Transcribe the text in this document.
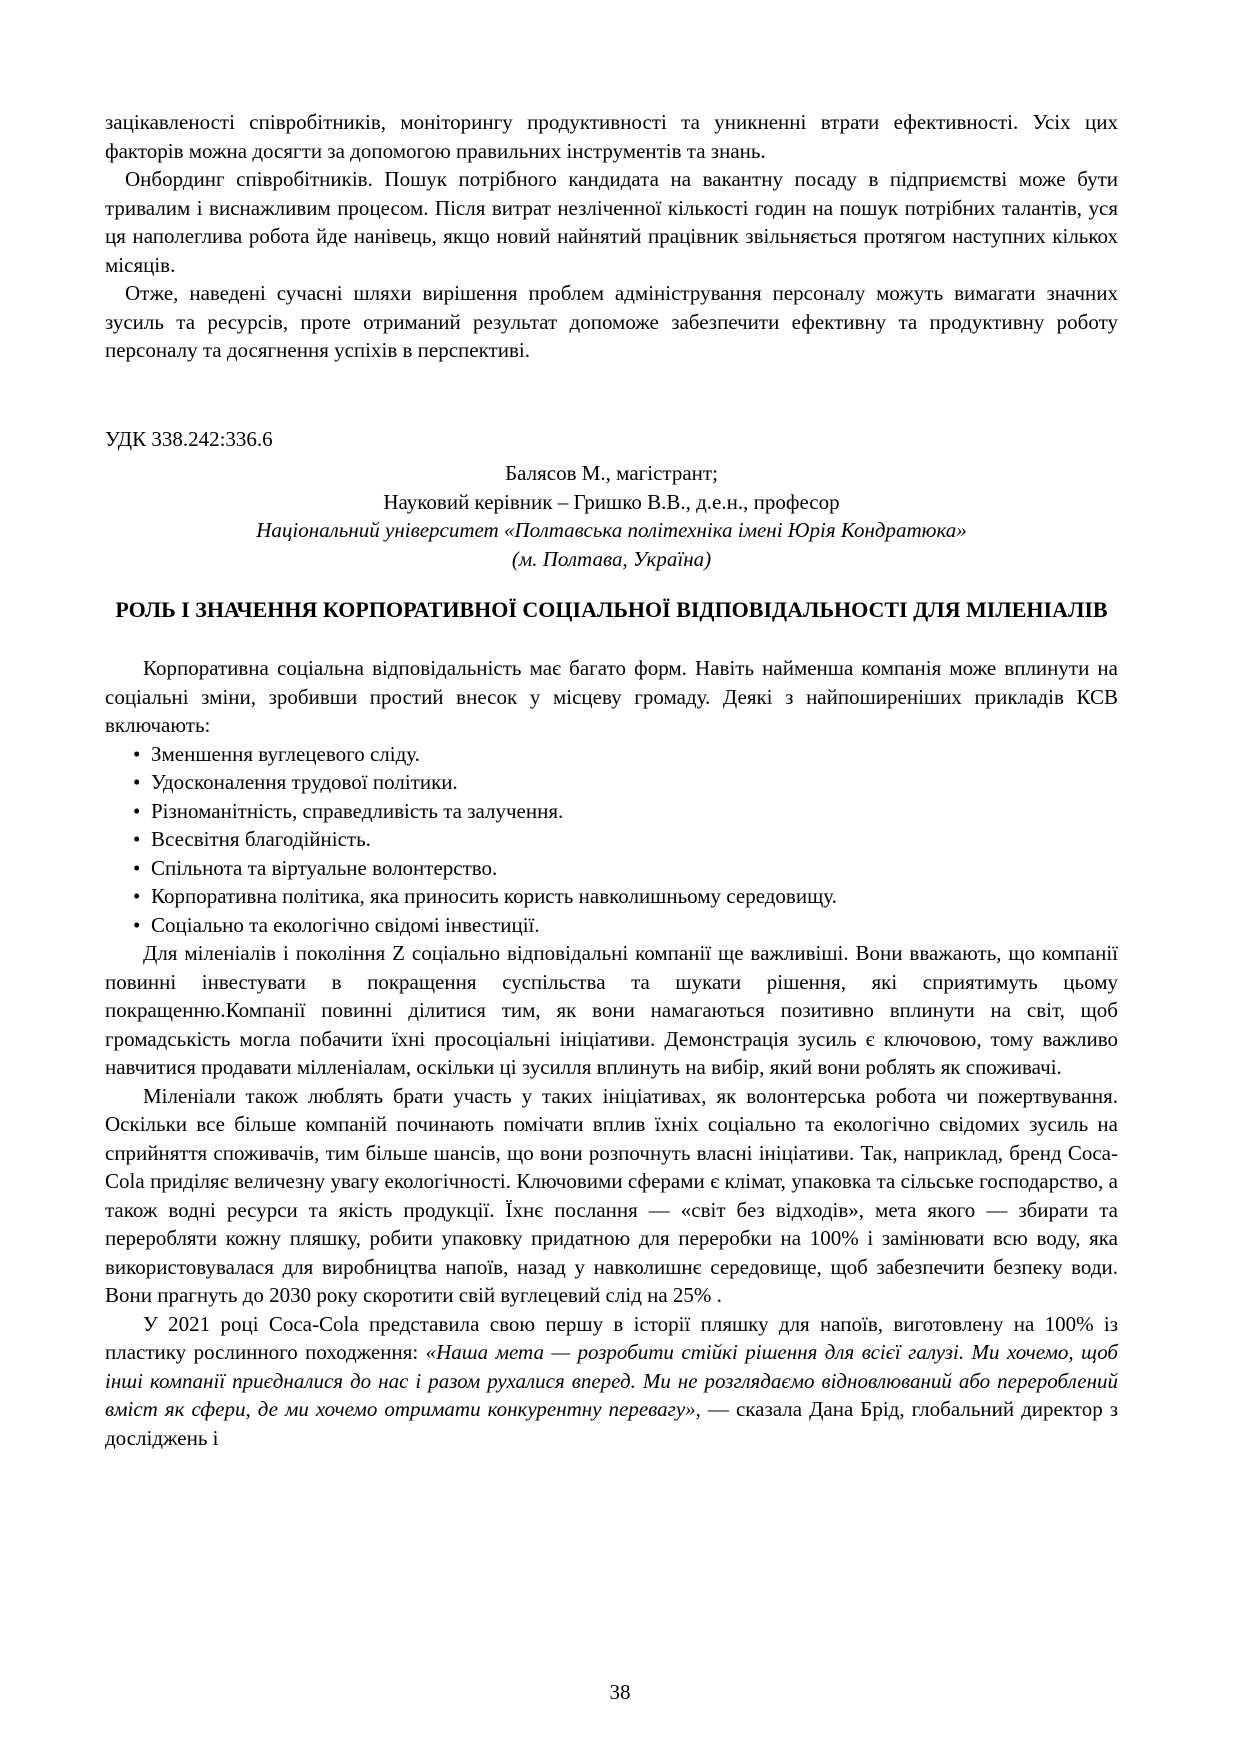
зацікавленості співробітників, моніторингу продуктивності та уникненні втрати ефективності. Усіх цих факторів можна досягти за допомогою правильних інструментів та знань.

Онбординг співробітників. Пошук потрібного кандидата на вакантну посаду в підприємстві може бути тривалим і виснажливим процесом. Після витрат незліченної кількості годин на пошук потрібних талантів, уся ця наполеглива робота йде нанівець, якщо новий найнятий працівник звільняється протягом наступних кількох місяців.

Отже, наведені сучасні шляхи вирішення проблем адміністрування персоналу можуть вимагати значних зусиль та ресурсів, проте отриманий результат допоможе забезпечити ефективну та продуктивну роботу персоналу та досягнення успіхів в перспективі.

УДК 338.242:336.6

Балясов М., магістрант;

Науковий керівник – Гришко В.В., д.е.н., професор

Національний університет «Полтавська політехніка імені Юрія Кондратюка»

(м. Полтава, Україна)

РОЛЬ І ЗНАЧЕННЯ КОРПОРАТИВНОЇ СОЦІАЛЬНОЇ ВІДПОВІДАЛЬНОСТІ ДЛЯ МІЛЕНІАЛІВ

Корпоративна соціальна відповідальність має багато форм. Навіть найменша компанія може вплинути на соціальні зміни, зробивши простий внесок у місцеву громаду. Деякі з найпоширеніших прикладів КСВ включають:

•Зменшення вуглецевого сліду.
•Удосконалення трудової політики.
•Різноманітність, справедливість та залучення.
•Всесвітня благодійність.
•Спільнота та віртуальне волонтерство.
•Корпоративна політика, яка приносить користь навколишньому середовищу.
•Соціально та екологічно свідомі інвестиції.

Для міленіалів і покоління Z соціально відповідальні компанії ще важливіші. Вони вважають, що компанії повинні інвестувати в покращення суспільства та шукати рішення, які сприятимуть цьому покращенню.Компанії повинні ділитися тим, як вони намагаються позитивно вплинути на світ, щоб громадськість могла побачити їхні просоціальні ініціативи. Демонстрація зусиль є ключовою, тому важливо навчитися продавати мілленіалам, оскільки ці зусилля вплинуть на вибір, який вони роблять як споживачі.

Міленіали також люблять брати участь у таких ініціативах, як волонтерська робота чи пожертвування. Оскільки все більше компаній починають помічати вплив їхніх соціально та екологічно свідомих зусиль на сприйняття споживачів, тим більше шансів, що вони розпочнуть власні ініціативи. Так, наприклад, бренд Coca-Cola приділяє величезну увагу екологічності. Ключовими сферами є клімат, упаковка та сільське господарство, а також водні ресурси та якість продукції. Їхнє послання — «світ без відходів», мета якого — збирати та переробляти кожну пляшку, робити упаковку придатною для переробки на 100% і замінювати всю воду, яка використовувалася для виробництва напоїв, назад у навколишнє середовище, щоб забезпечити безпеку води. Вони прагнуть до 2030 року скоротити свій вуглецевий слід на 25% .

У 2021 році Coca-Cola представила свою першу в історії пляшку для напоїв, виготовлену на 100% із пластику рослинного походження: «Наша мета — розробити стійкі рішення для всієї галузі. Ми хочемо, щоб інші компанії приєдналися до нас і разом рухалися вперед. Ми не розглядаємо відновлюваний або перероблений вміст як сфери, де ми хочемо отримати конкурентну перевагу», — сказала Дана Брід, глобальний директор з досліджень і

38
